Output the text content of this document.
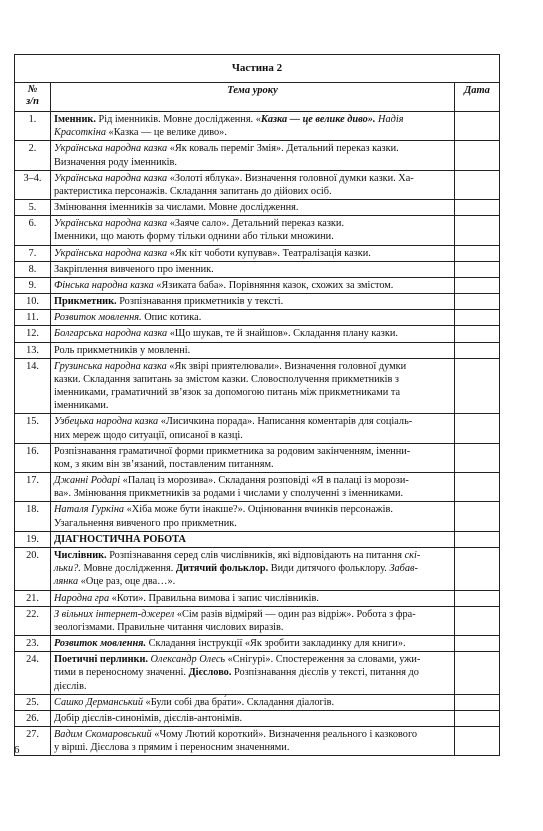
Частина 2		

№
з/п	Тема уроку	Дата
1.	Іменник. Рід іменників. Мовне дослідження. «Казка — це велике диво». Надія
Красоткіна «Казка — це велике диво».	

2.	Українська народна казка «Як коваль переміг Змія». Детальний переказ казки.
Визначення роду іменників.	

3–4.	Українська народна казка «Золоті яблука». Визначення головної думки казки. Ха-
рактеристика персонажів. Складання запитань до дійових осіб.	

5.	Змінювання іменників за числами. Мовне дослідження.	

6.	Українська народна казка «Заяче сало». Детальний переказ казки.
Іменники, що мають форму тільки однини або тільки множини.	

7.	Українська народна казка «Як кіт чоботи купував». Театралізація казки.	

8.	Закріплення вивченого про іменник.	

9.	Фінська народна казка «Язиката баба». Порівняння казок, схожих за змістом.	

10.	Прикметник. Розпізнавання прикметників у тексті.	

11.	Розвиток мовлення. Опис котика.	

12.	Болгарська народна казка «Що шукав, те й знайшов». Складання плану казки.	

13.	Роль прикметників у мовленні.	

14.	Грузинська народна казка «Як звірі приятелювали». Визначення головної думки
казки. Складання запитань за змістом казки. Словосполучення прикметників з
іменниками, граматичний зв’язок за допомогою питань між прикметниками та
іменниками.	

15.	Узбецька народна казка «Лисичкина порада». Написання коментарів для соціаль-
них мереж щодо ситуації, описаної в казці.	

16.	Розпізнавання граматичної форми прикметника за родовим закінченням, іменни-
ком, з яким він зв’язаний, поставленим питанням.	

17.	Джанні Родарі «Палац із морозива». Складання розповіді «Я в палаці із морози-
ва». Змінювання прикметників за родами і числами у сполученні з іменниками.	

18.	Наталя Гуркіна «Хіба може бути інакше?». Оцінювання вчинків персонажів.
Узагальнення вивченого про прикметник.	

19.	ДІАГНОСТИЧНА РОБОТА	

20.	Числівник. Розпізнавання серед слів числівників, які відповідають на питання скі-
льки?. Мовне дослідження. Дитячий фольклор. Види дитячого фольклору. Забав-
лянка «Оце раз, оце два…».	

21.	Народна гра «Коти». Правильна вимова і запис числівників.	

22.	З вільних інтернет-джерел «Сім разів відміряй — один раз відріж». Робота з фра-
зеологізмами. Правильне читання числових виразів.	

23.	Розвиток мовлення. Складання інструкції «Як зробити закладинку для книги».	

24.	Поетичні перлинки. Олександр Олесь «Снігурі». Спостереження за словами, ужи-
тими в переносному значенні. Дієслово. Розпізнавання дієслів у тексті, питання до
дієслів.	

25.	Сашко Дерманський «Були собі два бра́ти». Складання діалогів.	

26.	Добір дієслів-синонімів, дієслів-антонімів.	

27.	Вадим Скомаровський «Чому Лютий короткий». Визначення реального і казкового
у вірші. Дієслова з прямим і переносним значеннями.	

6
